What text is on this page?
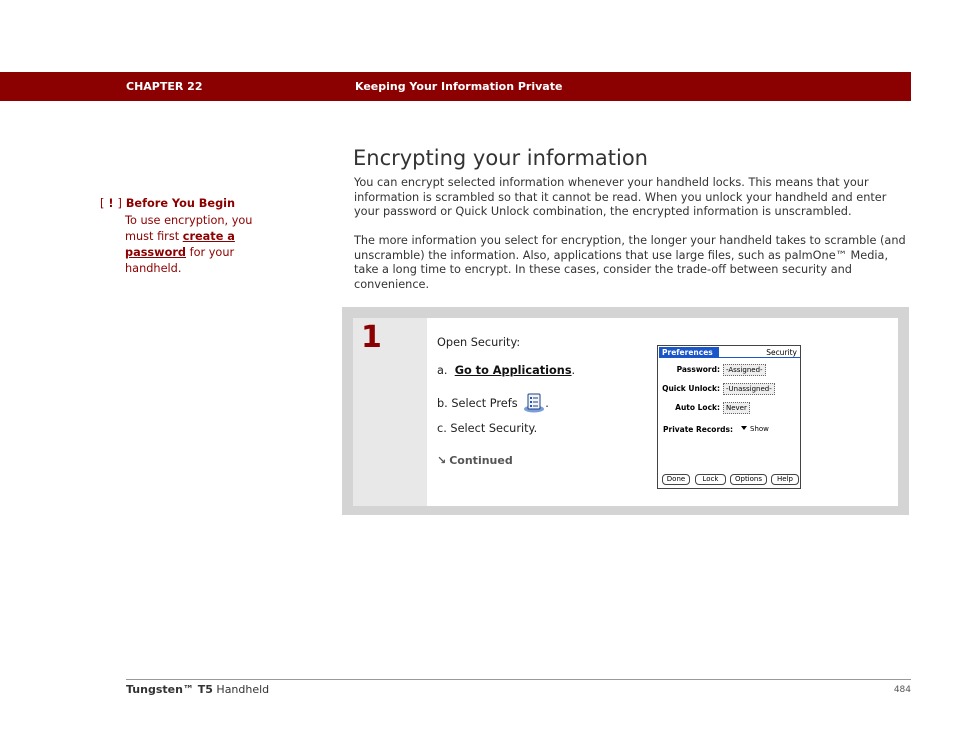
CHAPTER 22	Keeping Your Information Private
Encrypting your information

You can encrypt selected information whenever your handheld locks. This means that your information is scrambled so that it cannot be read. When you unlock your handheld and enter your password or Quick Unlock combination, the encrypted information is unscrambled.

The more information you select for encryption, the longer your handheld takes to scramble (and unscramble) the information. Also, applications that use large files, such as palmOne™ Media, take a long time to encrypt. In these cases, consider the trade-off between security and convenience.

[ ! ] Before You Begin
To use encryption, you must first create a password for your handheld.
1	Open Security:
a. Go to Applications.
b. Select Prefs .
c. Select Security.
↘ Continued
Preferences	Security
Password: -Assigned-
Quick Unlock: -Unassigned-
Auto Lock: Never
Private Records:	Show
Done	Lock	Options	Help
Tungsten™ T5 Handheld	484
